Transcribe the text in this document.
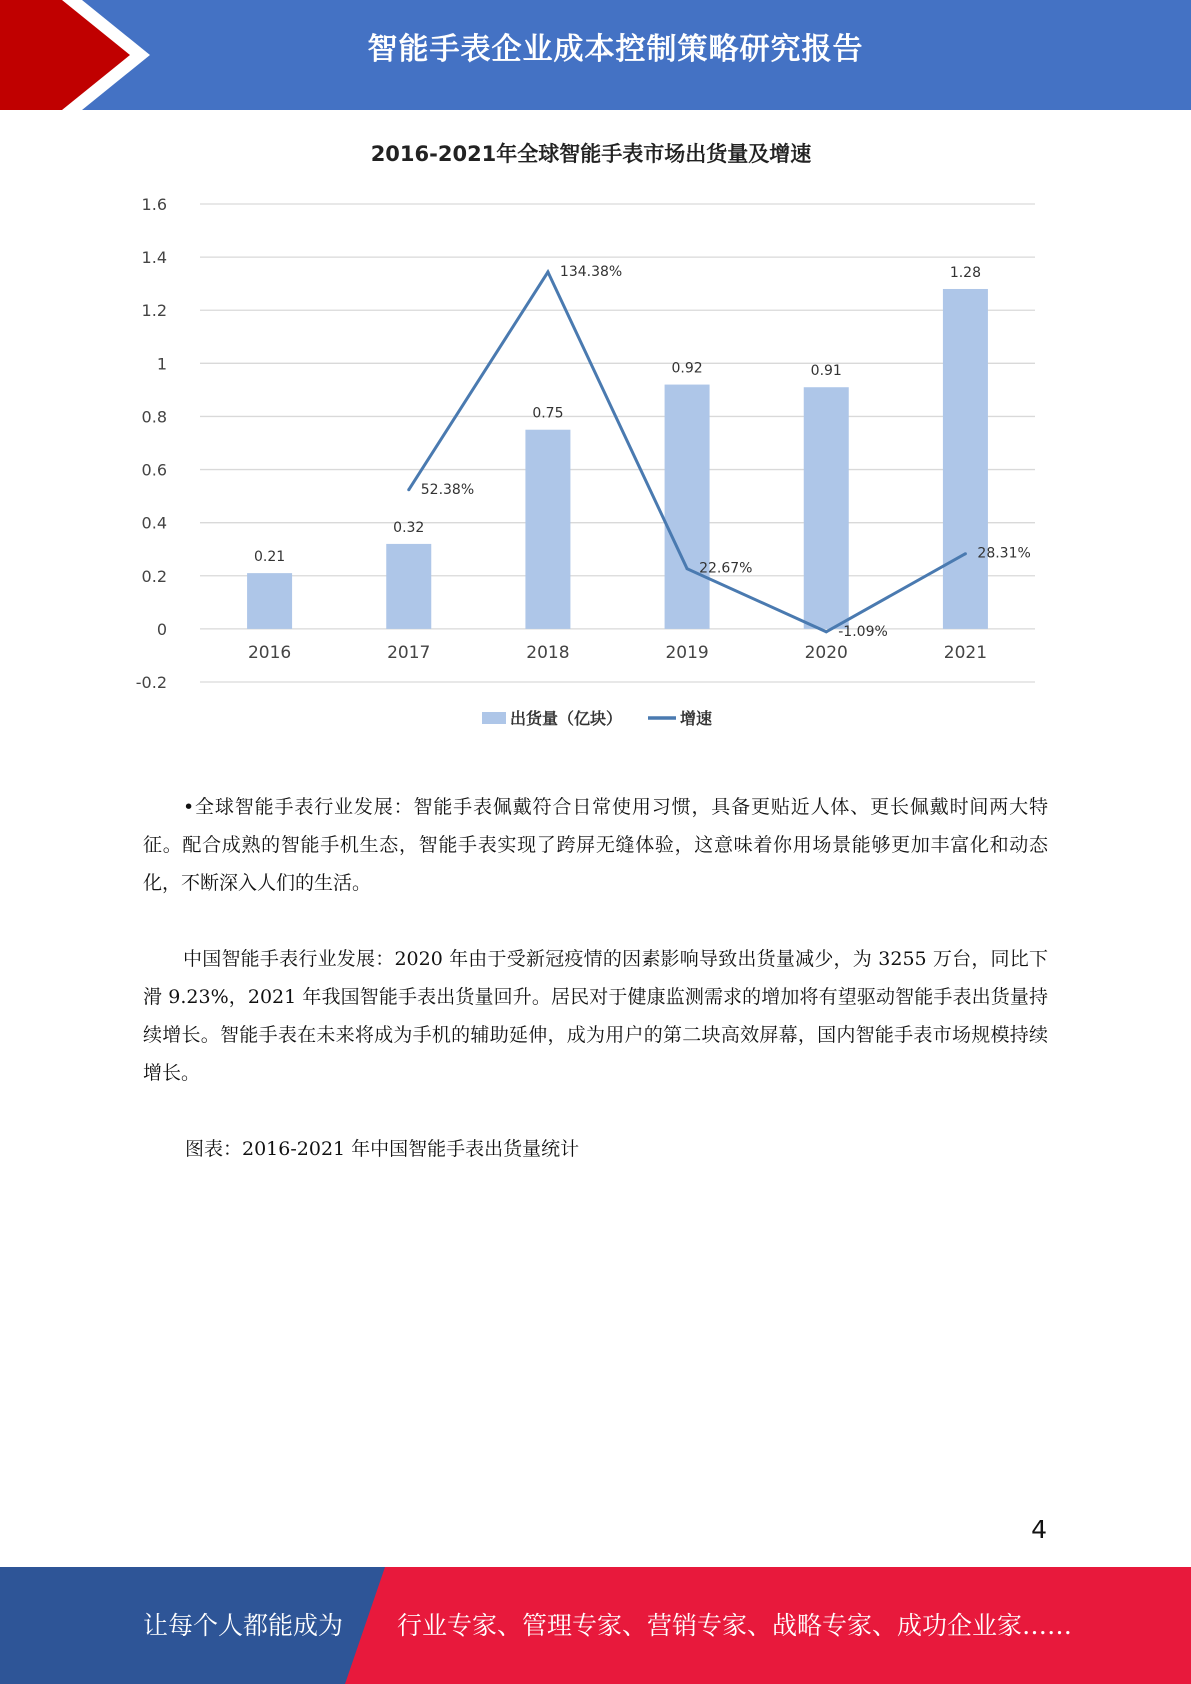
智能手表企业成本控制策略研究报告
2016-2021年全球智能手表市场出货量及增速
-0.2
0
0.2
0.4
0.6
0.8
1
1.2
1.4
1.6
0.21
0.32
0.75
0.92	0.91
1.28
2016	2017	2018	2019	2020	2021
52.38%
134.38%
22.67%
-1.09%
28.31%
出货量（亿块）	增速

•全球智能手表行业发展：智能手表佩戴符合日常使用习惯，具备更贴近人体、更长佩戴时间两大特征。配合成熟的智能手机生态，智能手表实现了跨屏无缝体验，这意味着你用场景能够更加丰富化和动态化，不断深入人们的生活。

中国智能手表行业发展：2020 年由于受新冠疫情的因素影响导致出货量减少，为 3255 万台，同比下滑 9.23%，2021 年我国智能手表出货量回升。居民对于健康监测需求的增加将有望驱动智能手表出货量持续增长。智能手表在未来将成为手机的辅助延伸，成为用户的第二块高效屏幕，国内智能手表市场规模持续增长。

图表：2016-2021 年中国智能手表出货量统计
4
让每个人都能成为 行业专家、管理专家、营销专家、战略专家、成功企业家……
